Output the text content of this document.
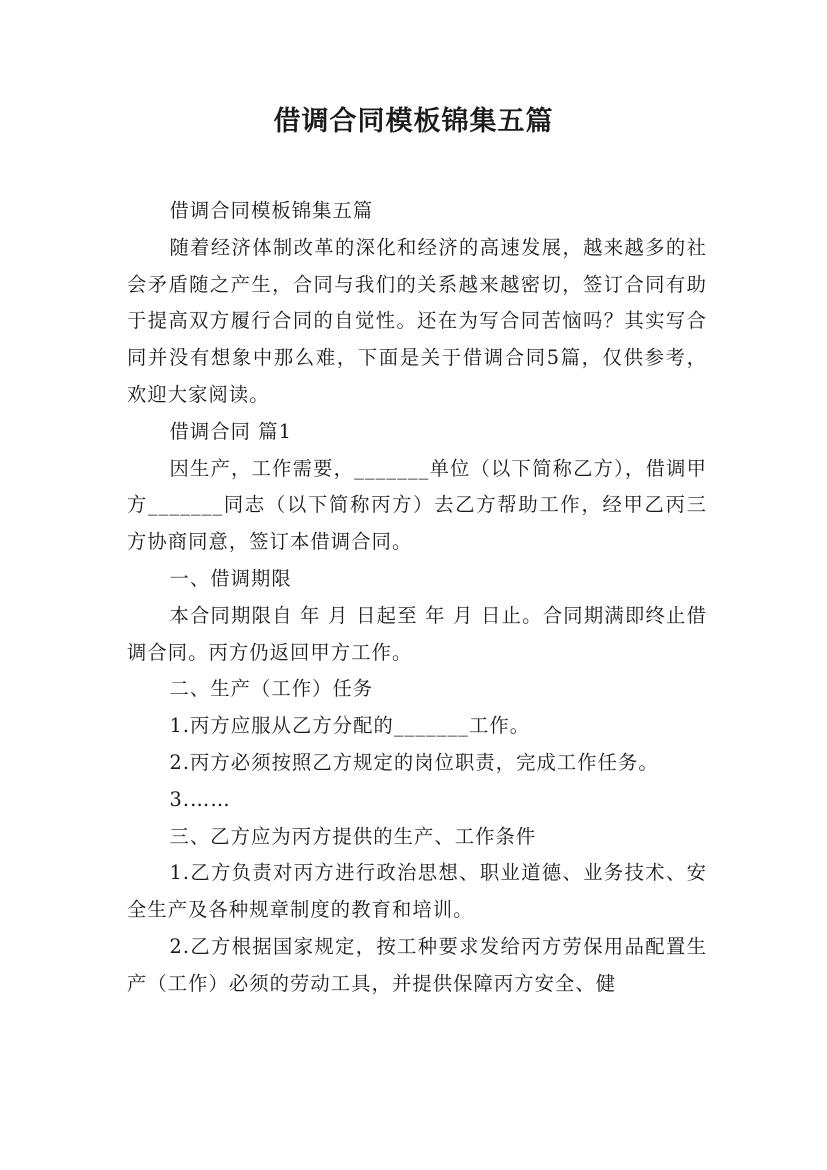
借调合同模板锦集五篇

借调合同模板锦集五篇

随着经济体制改革的深化和经济的高速发展，越来越多的社会矛盾随之产生，合同与我们的关系越来越密切，签订合同有助于提高双方履行合同的自觉性。还在为写合同苦恼吗？其实写合同并没有想象中那么难，下面是关于借调合同5篇，仅供参考，欢迎大家阅读。

借调合同 篇1

因生产，工作需要，_______单位（以下简称乙方），借调甲方_______同志（以下简称丙方）去乙方帮助工作，经甲乙丙三方协商同意，签订本借调合同。

一、借调期限

本合同期限自 年 月 日起至 年 月 日止。合同期满即终止借调合同。丙方仍返回甲方工作。

二、生产（工作）任务

1.丙方应服从乙方分配的_______工作。

2.丙方必须按照乙方规定的岗位职责，完成工作任务。

3.……

三、乙方应为丙方提供的生产、工作条件

1.乙方负责对丙方进行政治思想、职业道德、业务技术、安全生产及各种规章制度的教育和培训。

2.乙方根据国家规定，按工种要求发给丙方劳保用品配置生产（工作）必须的劳动工具，并提供保障丙方安全、健
